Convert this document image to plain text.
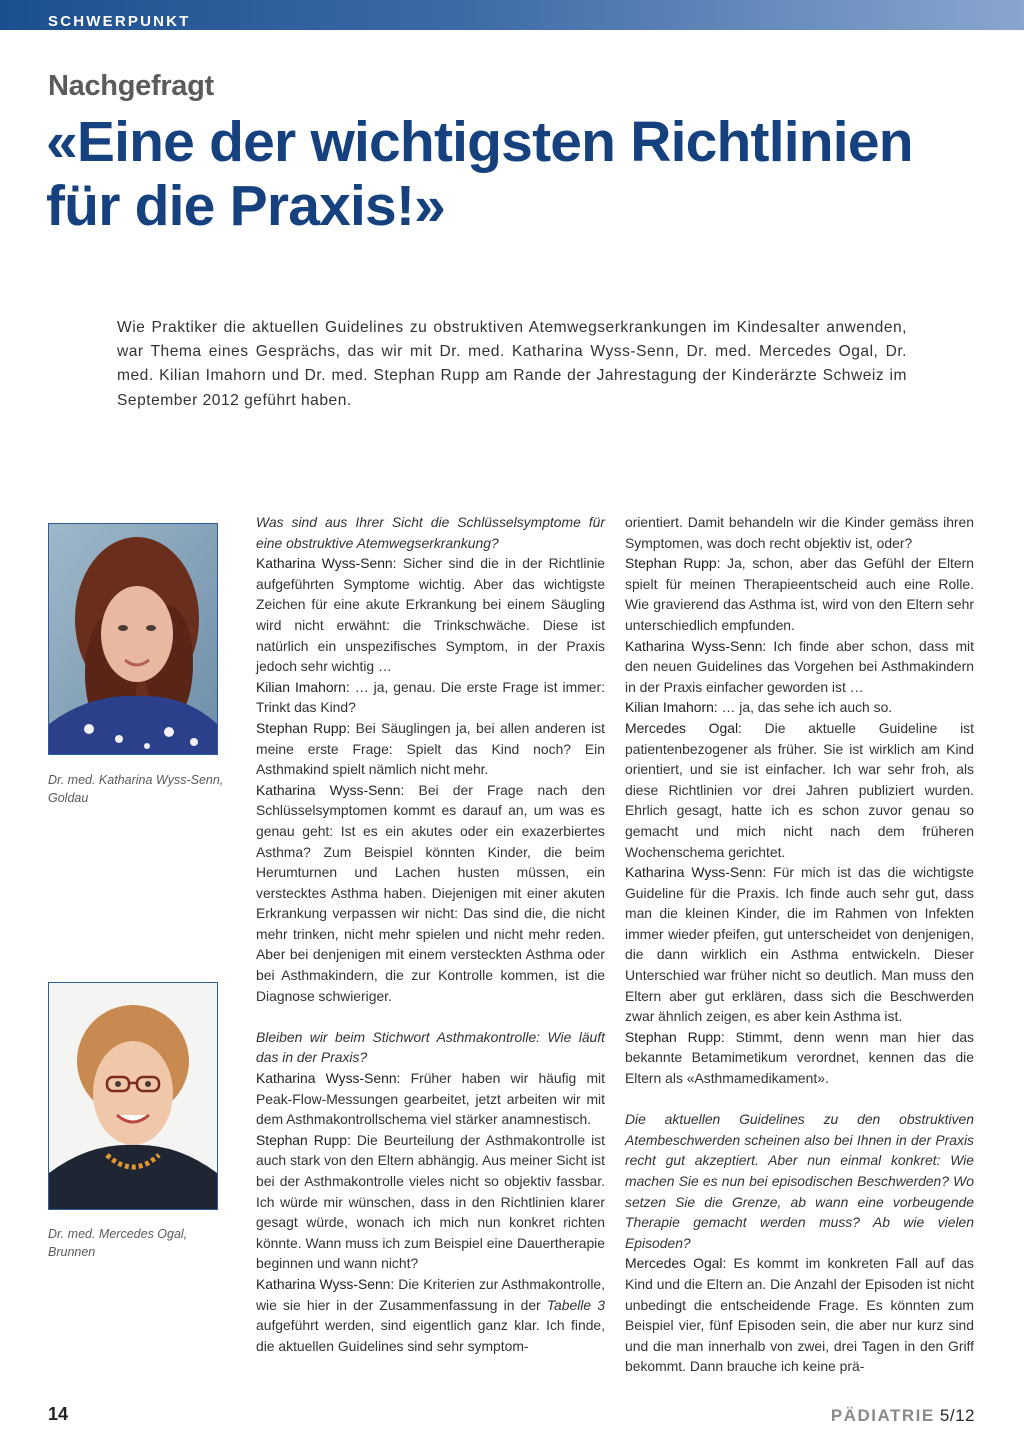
SCHWERPUNKT
Nachgefragt
«Eine der wichtigsten Richtlinien
für die Praxis!»
Wie Praktiker die aktuellen Guidelines zu obstruktiven Atemwegserkrankungen im Kindesalter anwenden, war Thema eines Gesprächs, das wir mit Dr. med. Katharina Wyss-Senn, Dr. med. Mercedes Ogal, Dr. med. Kilian Imahorn und Dr. med. Stephan Rupp am Rande der Jahrestagung der Kinderärzte Schweiz im September 2012 geführt haben.
Dr. med. Katharina Wyss-Senn, Goldau
Dr. med. Mercedes Ogal, Brunnen

Was sind aus Ihrer Sicht die Schlüsselsymptome für eine obstruktive Atemwegserkrankung?

Katharina Wyss-Senn: Sicher sind die in der Richtlinie aufgeführten Symptome wichtig. Aber das wichtigste Zeichen für eine akute Erkrankung bei einem Säugling wird nicht erwähnt: die Trinkschwäche. Diese ist natürlich ein unspezifisches Symptom, in der Praxis jedoch sehr wichtig …

Kilian Imahorn: … ja, genau. Die erste Frage ist immer: Trinkt das Kind?

Stephan Rupp: Bei Säuglingen ja, bei allen anderen ist meine erste Frage: Spielt das Kind noch? Ein Asthmakind spielt nämlich nicht mehr.

Katharina Wyss-Senn: Bei der Frage nach den Schlüsselsymptomen kommt es darauf an, um was es genau geht: Ist es ein akutes oder ein exazerbiertes Asthma? Zum Beispiel könnten Kinder, die beim Herumturnen und Lachen husten müssen, ein verstecktes Asthma haben. Diejenigen mit einer akuten Erkrankung verpassen wir nicht: Das sind die, die nicht mehr trinken, nicht mehr spielen und nicht mehr reden. Aber bei denjenigen mit einem versteckten Asthma oder bei Asthmakindern, die zur Kontrolle kommen, ist die Diagnose schwieriger.

Bleiben wir beim Stichwort Asthmakontrolle: Wie läuft das in der Praxis?

Katharina Wyss-Senn: Früher haben wir häufig mit Peak-Flow-Messungen gearbeitet, jetzt arbeiten wir mit dem Asthmakontrollschema viel stärker anamnestisch.

Stephan Rupp: Die Beurteilung der Asthmakontrolle ist auch stark von den Eltern abhängig. Aus meiner Sicht ist bei der Asthmakontrolle vieles nicht so objektiv fassbar. Ich würde mir wünschen, dass in den Richtlinien klarer gesagt würde, wonach ich mich nun konkret richten könnte. Wann muss ich zum Beispiel eine Dauertherapie beginnen und wann nicht?

Katharina Wyss-Senn: Die Kriterien zur Asthmakontrolle, wie sie hier in der Zusammenfassung in der Tabelle 3 aufgeführt werden, sind eigentlich ganz klar. Ich finde, die aktuellen Guidelines sind sehr symptom-

orientiert. Damit behandeln wir die Kinder gemäss ihren Symptomen, was doch recht objektiv ist, oder?

Stephan Rupp: Ja, schon, aber das Gefühl der Eltern spielt für meinen Therapieentscheid auch eine Rolle. Wie gravierend das Asthma ist, wird von den Eltern sehr unterschiedlich empfunden.

Katharina Wyss-Senn: Ich finde aber schon, dass mit den neuen Guidelines das Vorgehen bei Asthmakindern in der Praxis einfacher geworden ist …

Kilian Imahorn: … ja, das sehe ich auch so.

Mercedes Ogal: Die aktuelle Guideline ist patientenbezogener als früher. Sie ist wirklich am Kind orientiert, und sie ist einfacher. Ich war sehr froh, als diese Richtlinien vor drei Jahren publiziert wurden. Ehrlich gesagt, hatte ich es schon zuvor genau so gemacht und mich nicht nach dem früheren Wochenschema gerichtet.

Katharina Wyss-Senn: Für mich ist das die wichtigste Guideline für die Praxis. Ich finde auch sehr gut, dass man die kleinen Kinder, die im Rahmen von Infekten immer wieder pfeifen, gut unterscheidet von denjenigen, die dann wirklich ein Asthma entwickeln. Dieser Unterschied war früher nicht so deutlich. Man muss den Eltern aber gut erklären, dass sich die Beschwerden zwar ähnlich zeigen, es aber kein Asthma ist.

Stephan Rupp: Stimmt, denn wenn man hier das bekannte Betamimetikum verordnet, kennen das die Eltern als «Asthmamedikament».

Die aktuellen Guidelines zu den obstruktiven Atembeschwerden scheinen also bei Ihnen in der Praxis recht gut akzeptiert. Aber nun einmal konkret: Wie machen Sie es nun bei episodischen Beschwerden? Wo setzen Sie die Grenze, ab wann eine vorbeugende Therapie gemacht werden muss? Ab wie vielen Episoden?

Mercedes Ogal: Es kommt im konkreten Fall auf das Kind und die Eltern an. Die Anzahl der Episoden ist nicht unbedingt die entscheidende Frage. Es könnten zum Beispiel vier, fünf Episoden sein, die aber nur kurz sind und die man innerhalb von zwei, drei Tagen in den Griff bekommt. Dann brauche ich keine prä-

14	PÄDIATRIE 5/12
